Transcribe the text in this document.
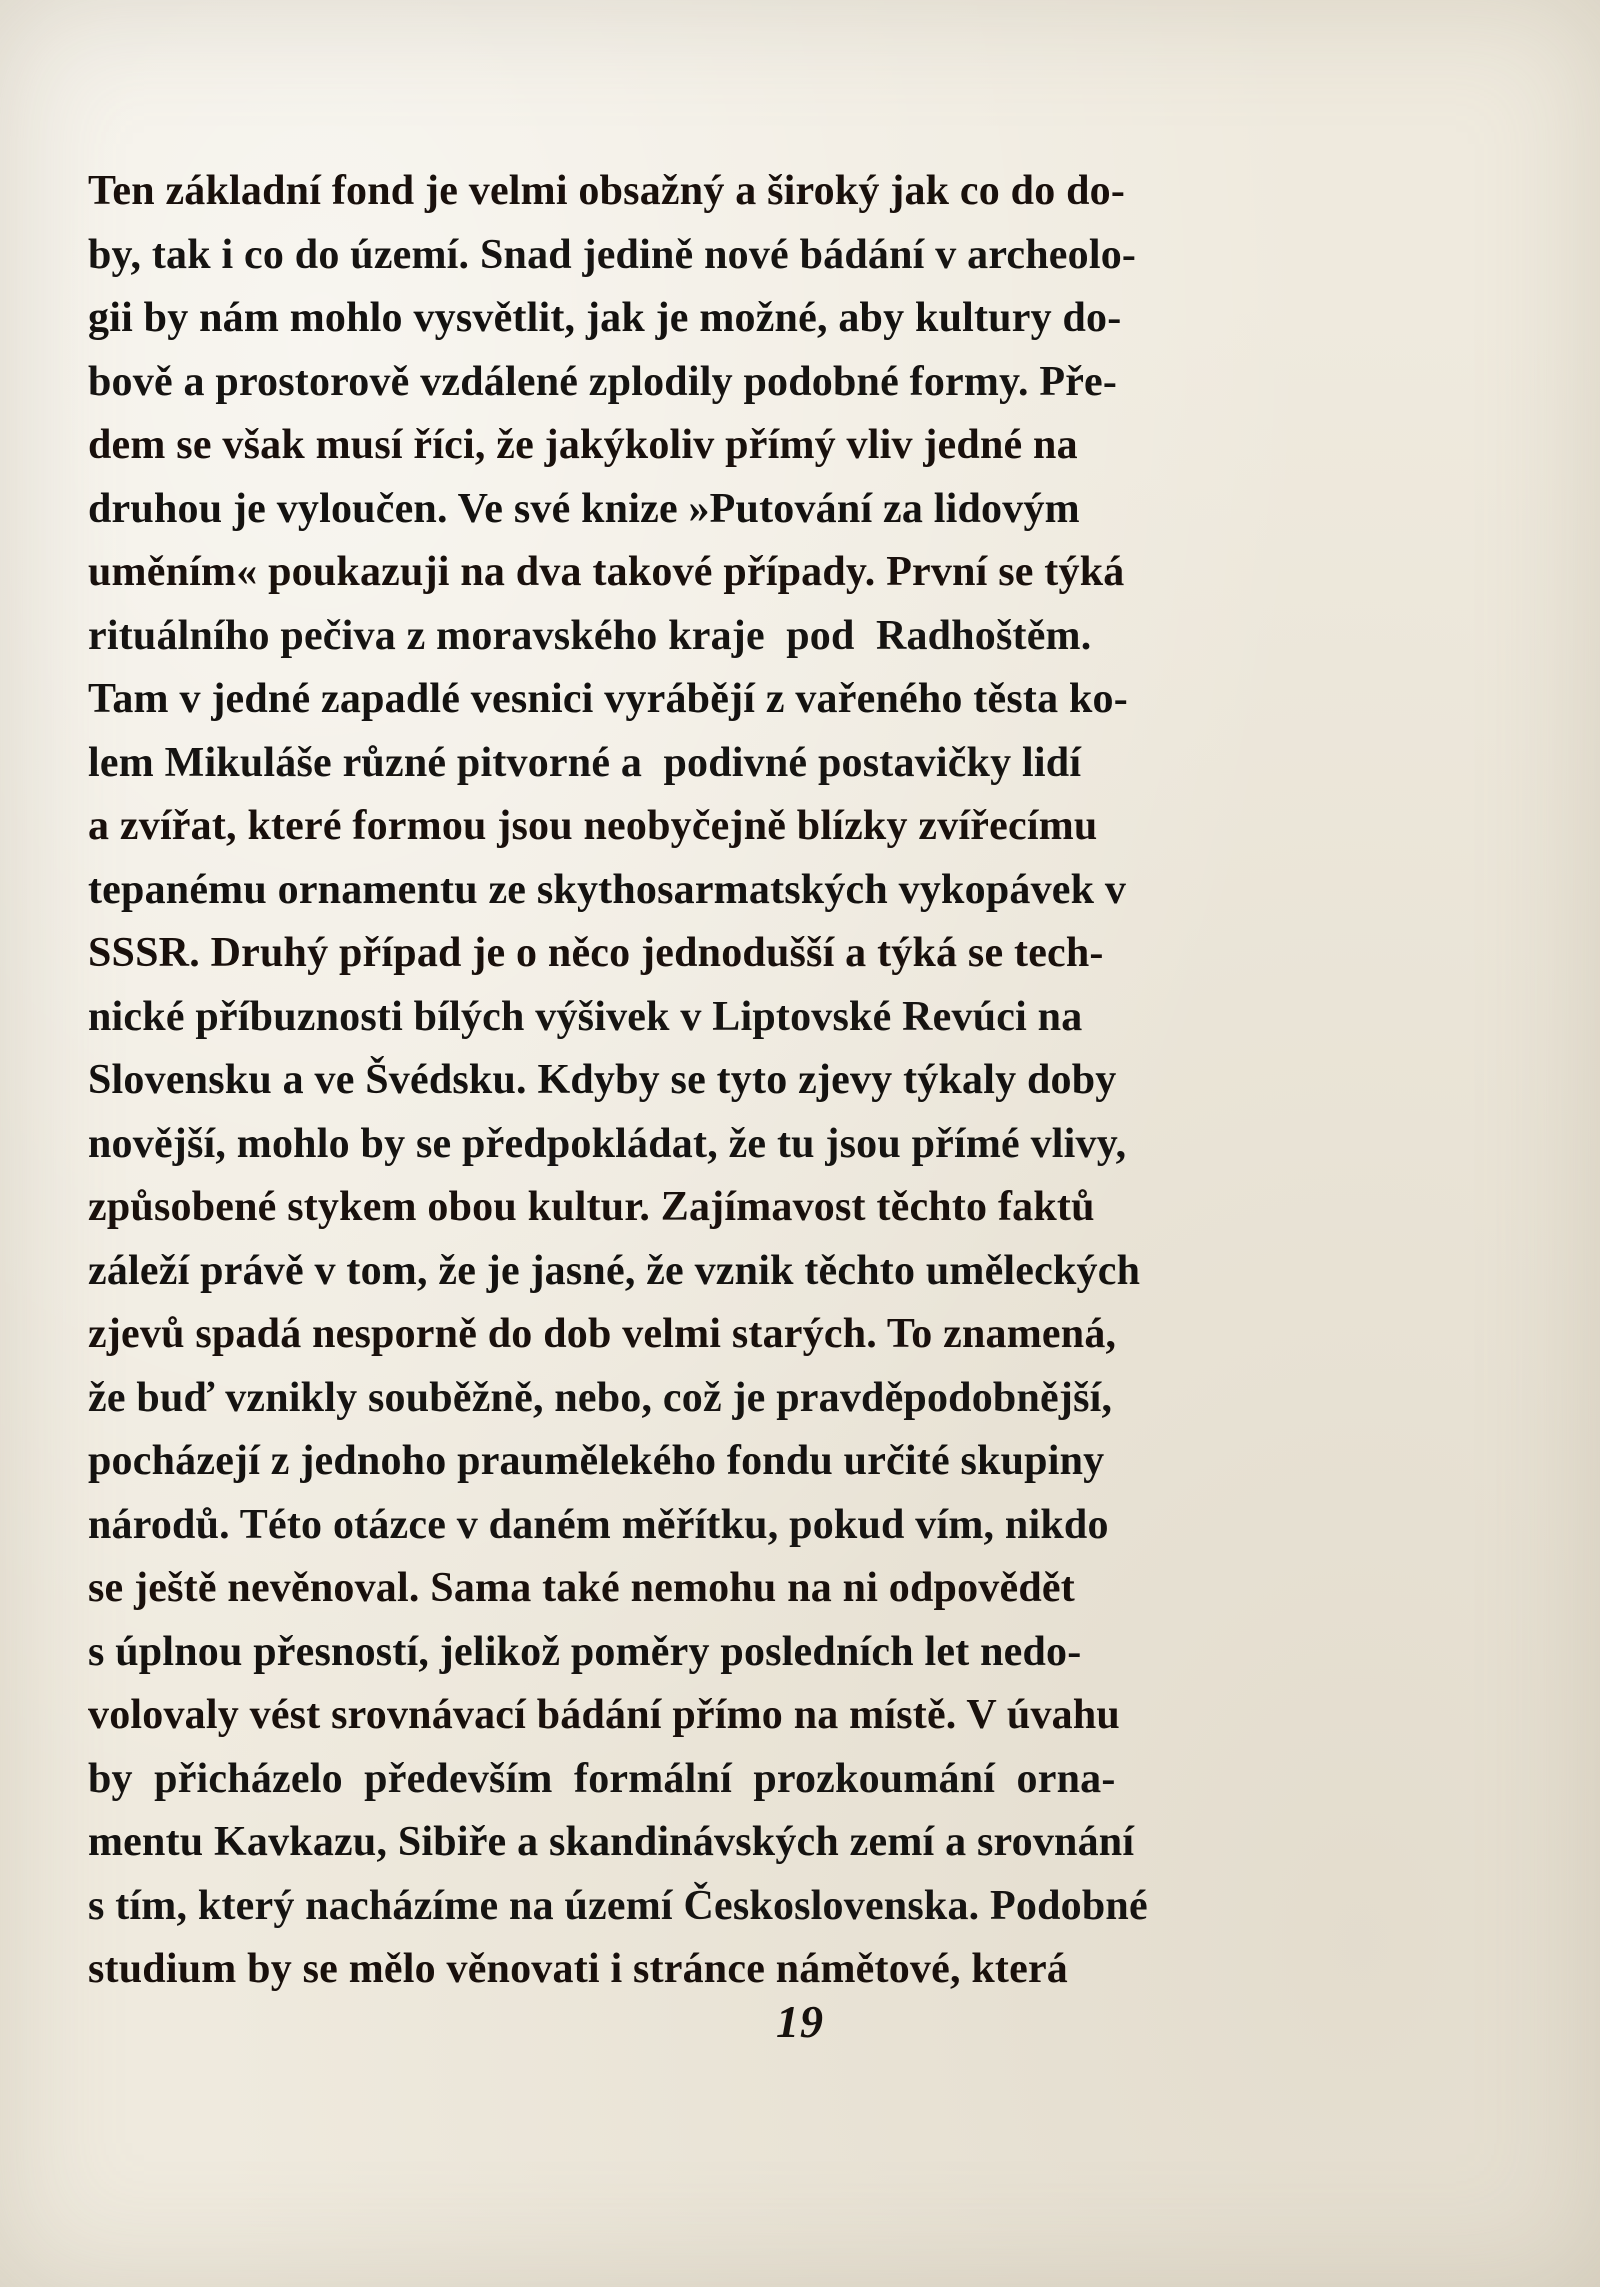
Ten základní fond je velmi obsažný a široký jak co do do-
by, tak i co do území. Snad jedině nové bádání v archeolo-
gii by nám mohlo vysvětlit, jak je možné, aby kultury do-
bově a prostorově vzdálené zplodily podobné formy. Pře-
dem se však musí říci, že jakýkoliv přímý vliv jedné na
druhou je vyloučen. Ve své knize »Putování za lidovým
uměním« poukazuji na dva takové případy. První se týká
rituálního pečiva z moravského kraje  pod  Radhoštěm.
Tam v jedné zapadlé vesnici vyrábějí z vařeného těsta ko-
lem Mikuláše různé pitvorné a  podivné postavičky lidí
a zvířat, které formou jsou neobyčejně blízky zvířecímu
tepanému ornamentu ze skythosarmatských vykopávek v
SSSR. Druhý případ je o něco jednodušší a týká se tech-
nické příbuznosti bílých výšivek v Liptovské Revúci na
Slovensku a ve Švédsku. Kdyby se tyto zjevy týkaly doby
novější, mohlo by se předpokládat, že tu jsou přímé vlivy,
způsobené stykem obou kultur. Zajímavost těchto faktů
záleží právě v tom, že je jasné, že vznik těchto uměleckých
zjevů spadá nesporně do dob velmi starých. To znamená,
že buď vznikly souběžně, nebo, což je pravděpodobnější,
pocházejí z jednoho praumělekého fondu určité skupiny
národů. Této otázce v daném měřítku, pokud vím, nikdo
se ještě nevěnoval. Sama také nemohu na ni odpovědět
s úplnou přesností, jelikož poměry posledních let nedo-
volovaly vést srovnávací bádání přímo na místě. V úvahu
by  přicházelo  především  formální  prozkoumání  orna-
mentu Kavkazu, Sibiře a skandinávských zemí a srovnání
s tím, který nacházíme na území Československa. Podobné
studium by se mělo věnovati i stránce námětové, která
19
